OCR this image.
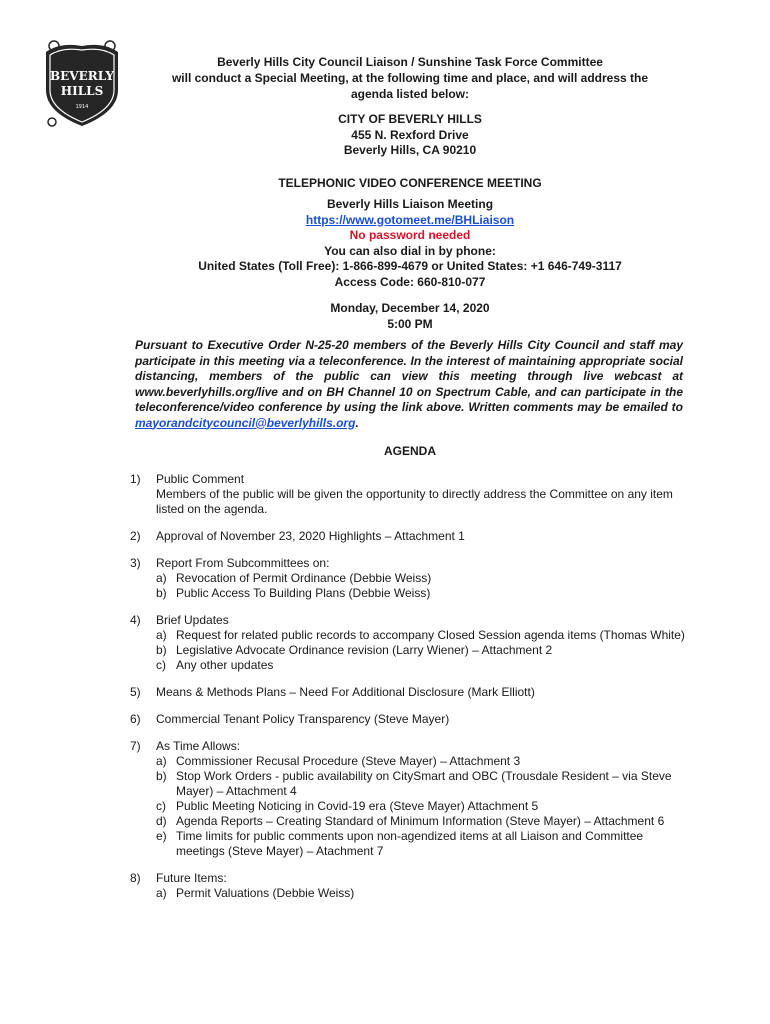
BEVERLY
HILLS
1914
Beverly Hills City Council Liaison / Sunshine Task Force Committee
will conduct a Special Meeting, at the following time and place, and will address the
agenda listed below:
CITY OF BEVERLY HILLS
455 N. Rexford Drive
Beverly Hills, CA 90210
TELEPHONIC VIDEO CONFERENCE MEETING
Beverly Hills Liaison Meeting
https://www.gotomeet.me/BHLiaison
No password needed
You can also dial in by phone:
United States (Toll Free): 1-866-899-4679 or United States: +1 646-749-3117
Access Code: 660-810-077
Monday, December 14, 2020
5:00 PM
Pursuant to Executive Order N-25-20 members of the Beverly Hills City Council and staff may participate in this meeting via a teleconference. In the interest of maintaining appropriate social distancing, members of the public can view this meeting through live webcast at www.beverlyhills.org/live and on BH Channel 10 on Spectrum Cable, and can participate in the teleconference/video conference by using the link above. Written comments may be emailed to mayorandcitycouncil@beverlyhills.org.
AGENDA
1)	Public Comment
Members of the public will be given the opportunity to directly address the Committee on any item listed on the agenda.
2)	Approval of November 23, 2020 Highlights – Attachment 1
3)	Report From Subcommittees on:
a) Revocation of Permit Ordinance (Debbie Weiss)
b) Public Access To Building Plans (Debbie Weiss)
4)	Brief Updates
a) Request for related public records to accompany Closed Session agenda items (Thomas White)
b) Legislative Advocate Ordinance revision (Larry Wiener) – Attachment 2
c) Any other updates
5)	Means & Methods Plans – Need For Additional Disclosure (Mark Elliott)
6)	Commercial Tenant Policy Transparency (Steve Mayer)
7)	As Time Allows:
a) Commissioner Recusal Procedure (Steve Mayer) – Attachment 3
b) Stop Work Orders - public availability on CitySmart and OBC (Trousdale Resident – via Steve Mayer) – Attachment 4
c) Public Meeting Noticing in Covid-19 era (Steve Mayer) Attachment 5
d) Agenda Reports – Creating Standard of Minimum Information (Steve Mayer) – Attachment 6
e) Time limits for public comments upon non-agendized items at all Liaison and Committee meetings (Steve Mayer) – Atachment 7
8)	Future Items:
a) Permit Valuations (Debbie Weiss)
